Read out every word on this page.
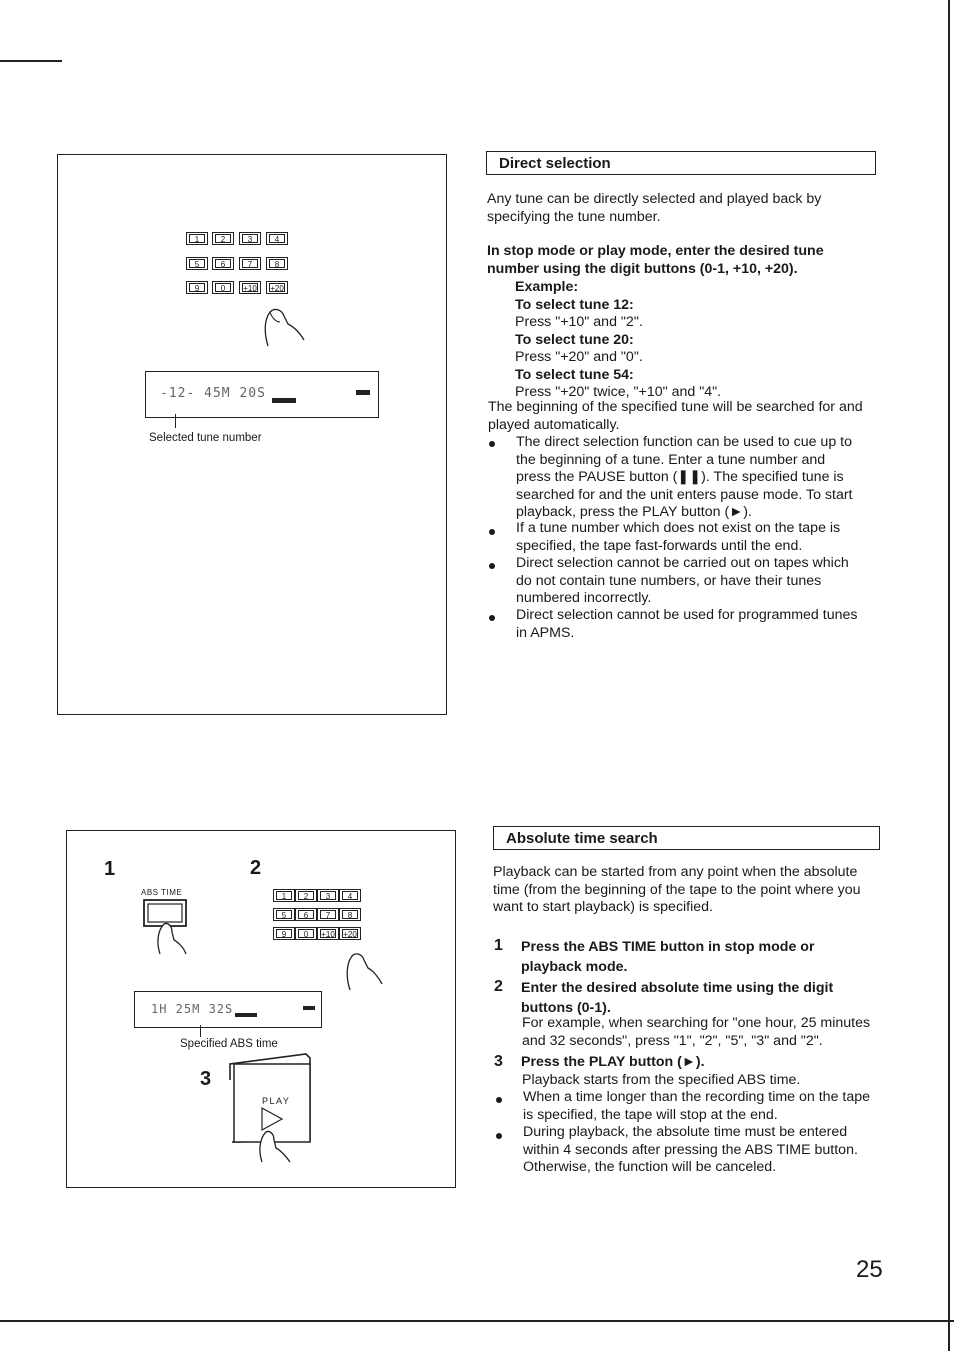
1	2	3	4
5	6	7	8
9	0	+10 +20
-12- 45M 20S
Selected tune number
Direct selection
Any tune can be directly selected and played back by
specifying the tune number.
In stop mode or play mode, enter the desired tune
number using the digit buttons (0-1, +10, +20).
Example:
To select tune 12:
Press "+10" and "2".
To select tune 20:
Press "+20" and "0".
To select tune 54:
Press "+20" twice, "+10" and "4".
The beginning of the specified tune will be searched for and
played automatically.
The direct selection function can be used to cue up to
the beginning of a tune. Enter a tune number and
press the PAUSE button (❚❚). The specified tune is
searched for and the unit enters pause mode. To start
playback, press the PLAY button (►).
If a tune number which does not exist on the tape is
specified, the tape fast-forwards until the end.
Direct selection cannot be carried out on tapes which
do not contain tune numbers, or have their tunes
numbered incorrectly.
Direct selection cannot be used for programmed tunes
in APMS.
1	2
ABS TIME	1	2	3	4
5	6	7	8
9	0	+10 +20
1H 25M 32S
Specified ABS time
3
PLAY
Absolute time search
Playback can be started from any point when the absolute
time (from the beginning of the tape to the point where you
want to start playback) is specified.
1 Press the ABS TIME button in stop mode or
playback mode.
2 Enter the desired absolute time using the digit
buttons (0-1).
For example, when searching for "one hour, 25 minutes
and 32 seconds", press "1", "2", "5", "3" and "2".
3 Press the PLAY button (►).
Playback starts from the specified ABS time.
When a time longer than the recording time on the tape
is specified, the tape will stop at the end.
During playback, the absolute time must be entered
within 4 seconds after pressing the ABS TIME button.
Otherwise, the function will be canceled.
25
